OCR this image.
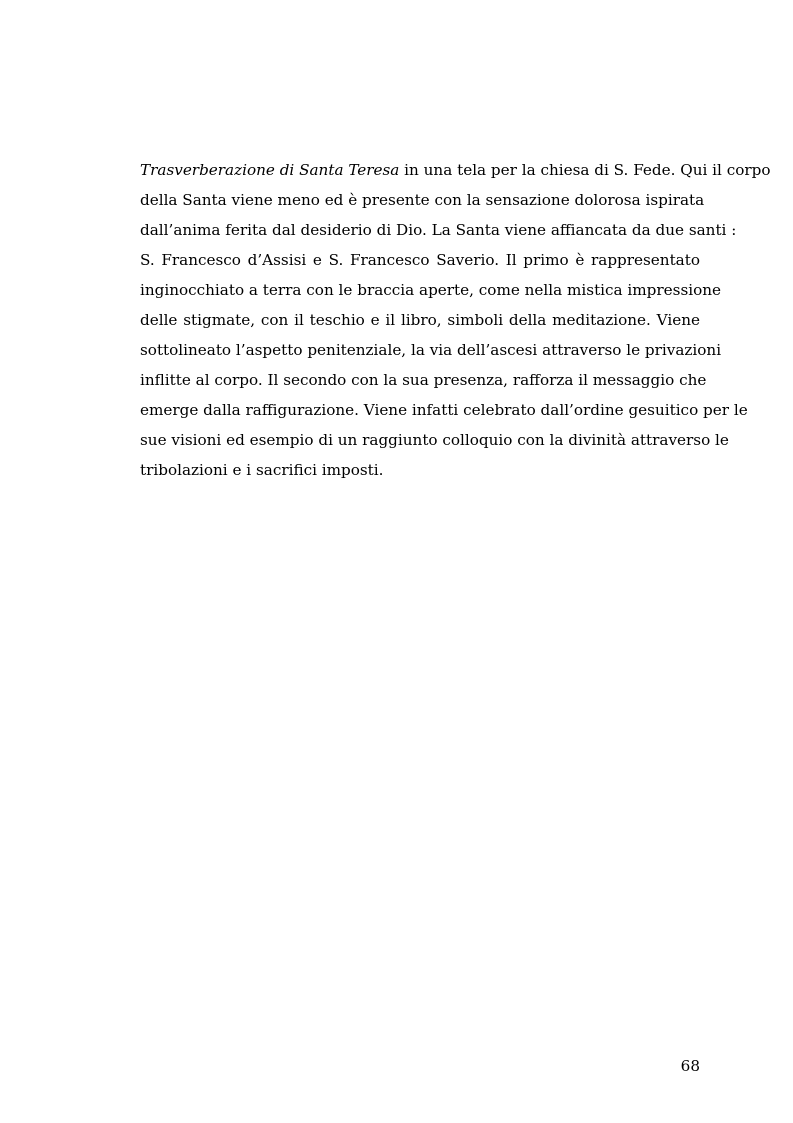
Trasverberazione di Santa Teresa in una tela per la chiesa di S. Fede. Qui il corpo
della Santa viene meno ed è presente con la sensazione dolorosa ispirata
dall’anima ferita dal desiderio di Dio. La Santa viene affiancata da due santi :
S. Francesco d’Assisi e S. Francesco Saverio. Il primo è rappresentato
inginocchiato a terra con le braccia aperte, come nella mistica impressione
delle stigmate, con il teschio e il libro, simboli della meditazione. Viene
sottolineato l’aspetto penitenziale, la via dell’ascesi attraverso le privazioni
inflitte al corpo. Il secondo con la sua presenza, rafforza il messaggio che
emerge dalla raffigurazione. Viene infatti celebrato dall’ordine gesuitico per le
sue visioni ed esempio di un raggiunto colloquio con la divinità attraverso le
tribolazioni e i sacrifici imposti.

68
